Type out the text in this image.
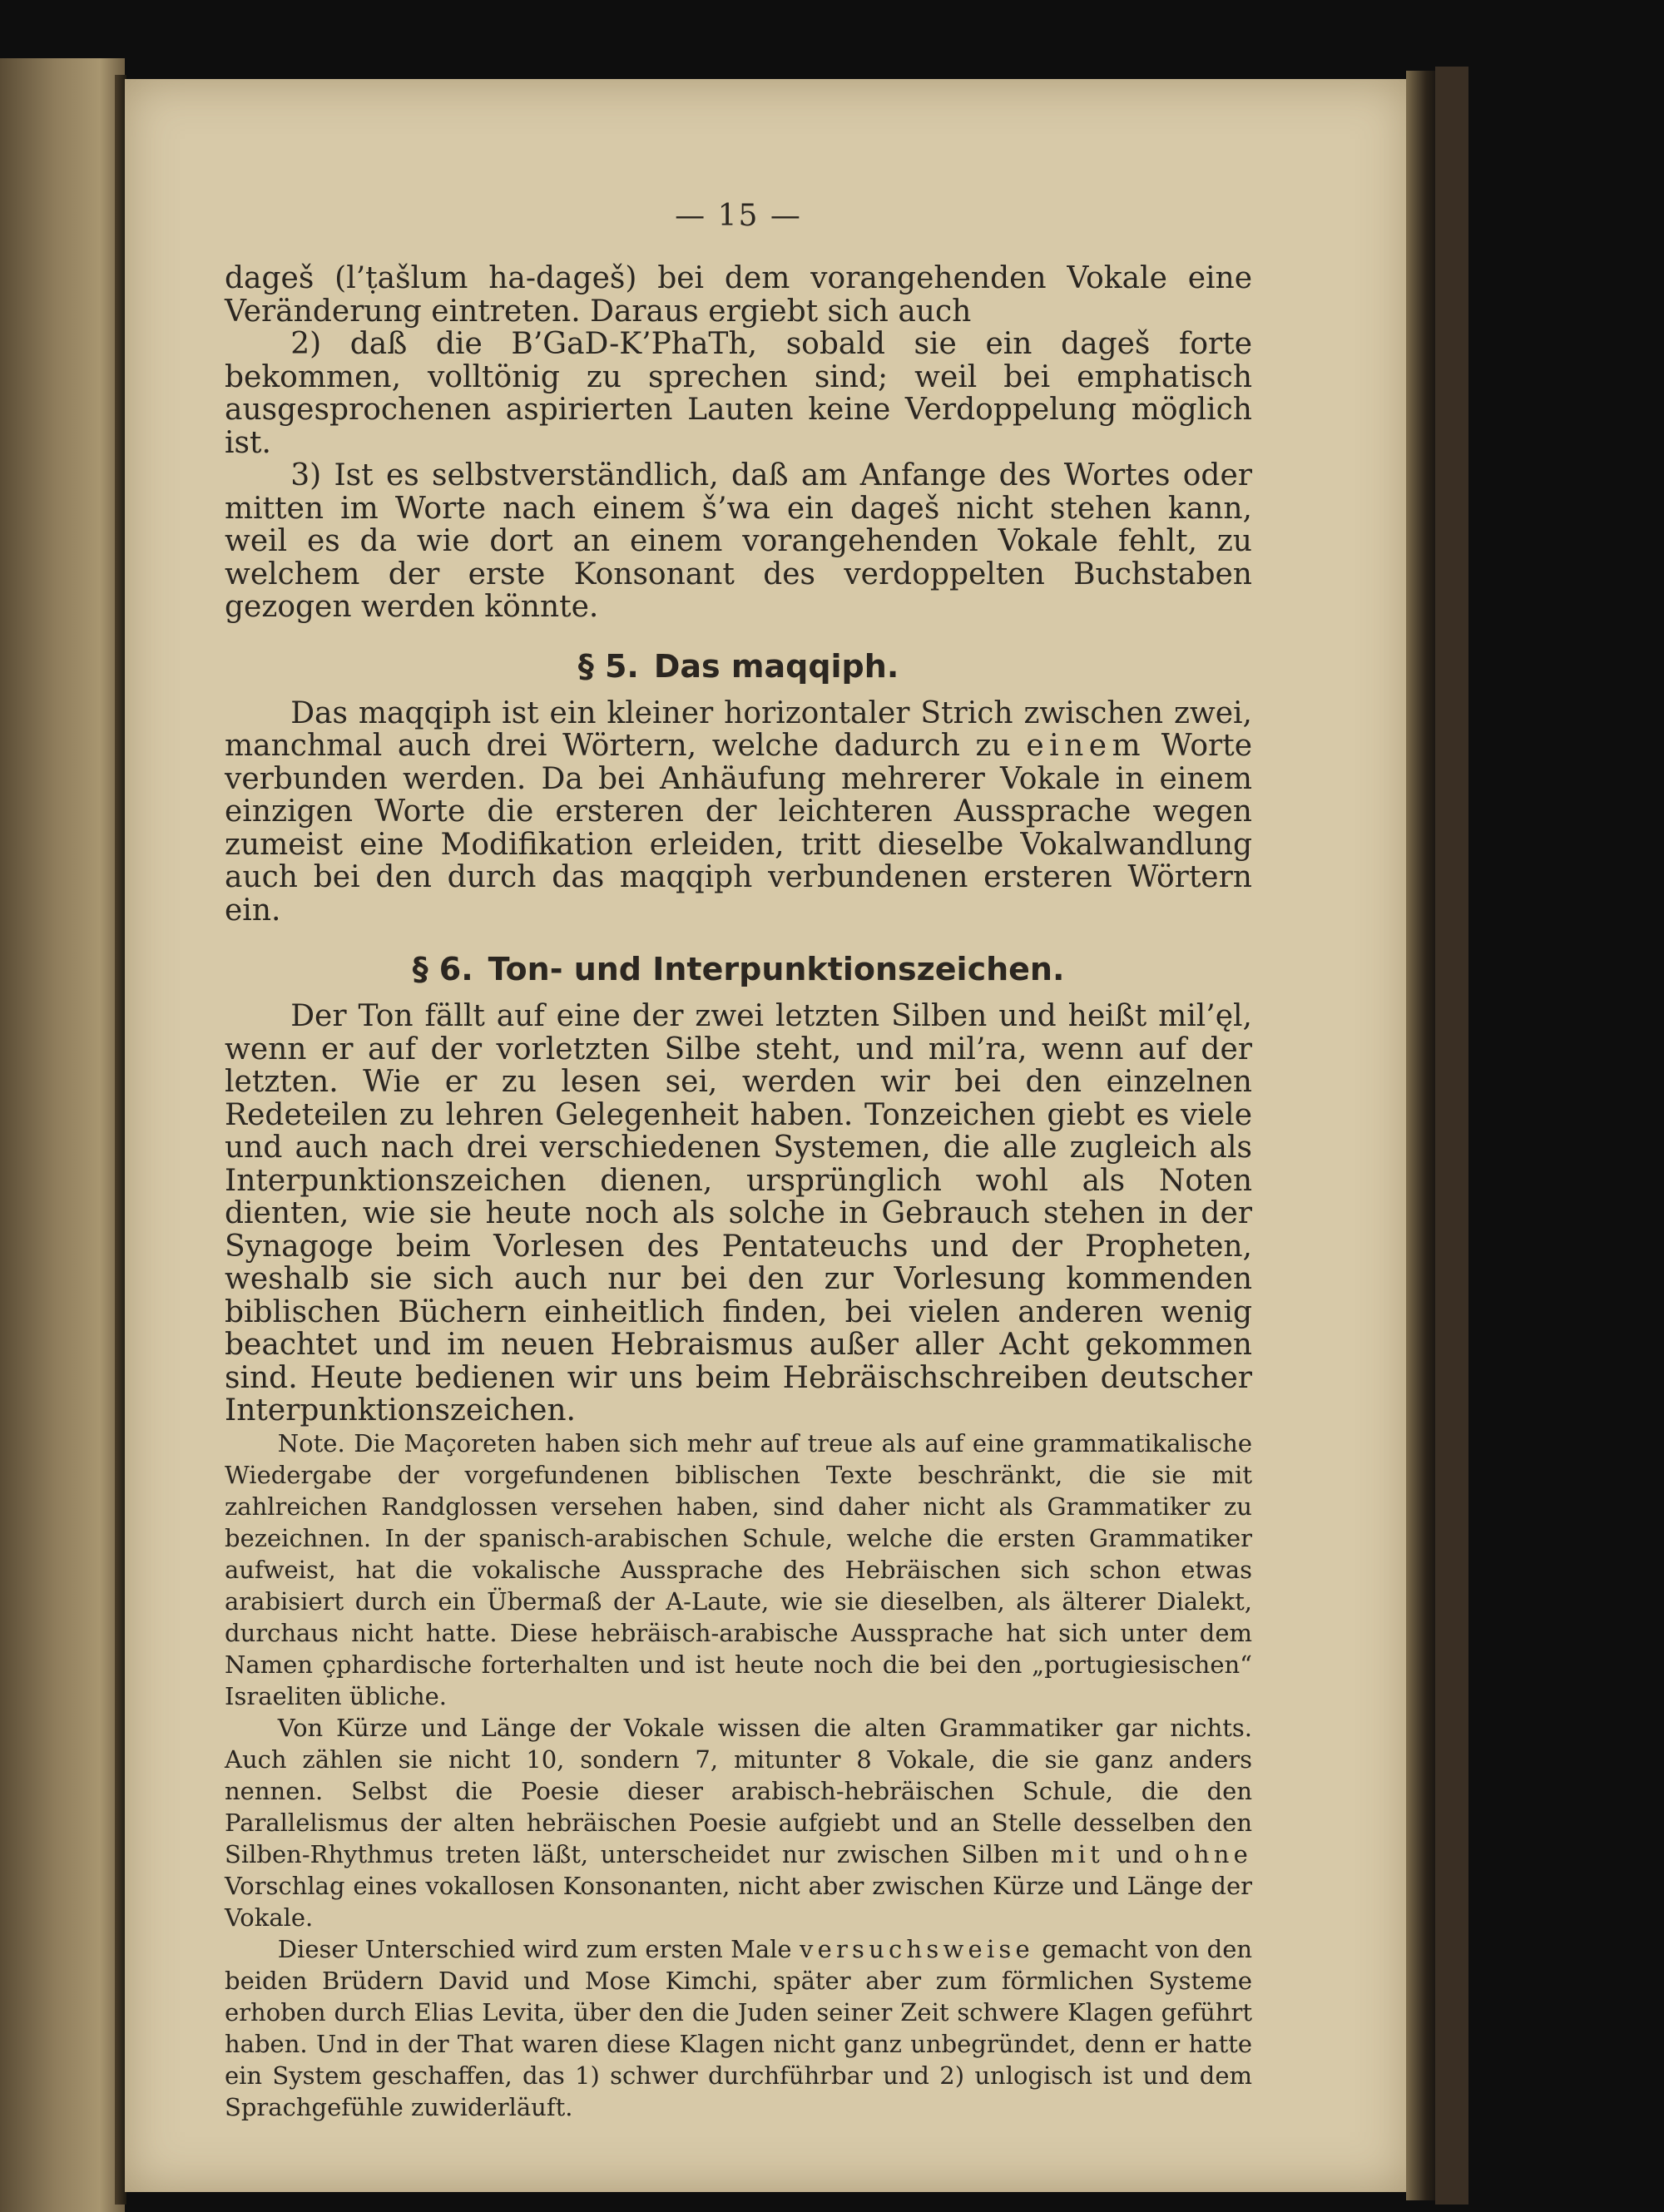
— 15 —

dageš (l’ṭašlum ha-dageš) bei dem vorangehenden Vokale eine Veränderung eintreten. Daraus ergiebt sich auch

2) daß die B’GaD-K’PhaTh, sobald sie ein dageš forte bekommen, volltönig zu sprechen sind; weil bei emphatisch ausgesprochenen aspirierten Lauten keine Verdoppelung möglich ist.

3) Ist es selbstverständlich, daß am Anfange des Wortes oder mitten im Worte nach einem š’wa ein dageš nicht stehen kann, weil es da wie dort an einem vorangehenden Vokale fehlt, zu welchem der erste Konsonant des verdoppelten Buchstaben gezogen werden könnte.

§ 5. Das maqqiph.

Das maqqiph ist ein kleiner horizontaler Strich zwischen zwei, manchmal auch drei Wörtern, welche dadurch zu einem Worte verbunden werden. Da bei Anhäufung mehrerer Vokale in einem einzigen Worte die ersteren der leichteren Aussprache wegen zumeist eine Modifikation erleiden, tritt dieselbe Vokalwandlung auch bei den durch das maqqiph verbundenen ersteren Wörtern ein.

§ 6. Ton- und Interpunktionszeichen.

Der Ton fällt auf eine der zwei letzten Silben und heißt mil’ęl, wenn er auf der vorletzten Silbe steht, und mil’ra, wenn auf der letzten. Wie er zu lesen sei, werden wir bei den einzelnen Redeteilen zu lehren Gelegenheit haben. Tonzeichen giebt es viele und auch nach drei verschiedenen Systemen, die alle zugleich als Interpunktionszeichen dienen, ursprünglich wohl als Noten dienten, wie sie heute noch als solche in Gebrauch stehen in der Synagoge beim Vorlesen des Pentateuchs und der Propheten, weshalb sie sich auch nur bei den zur Vorlesung kommenden biblischen Büchern einheitlich finden, bei vielen anderen wenig beachtet und im neuen Hebraismus außer aller Acht gekommen sind. Heute bedienen wir uns beim Hebräischschreiben deutscher Interpunktionszeichen.

Note. Die Maçoreten haben sich mehr auf treue als auf eine grammatikalische Wiedergabe der vorgefundenen biblischen Texte beschränkt, die sie mit zahlreichen Randglossen versehen haben, sind daher nicht als Grammatiker zu bezeichnen. In der spanisch-arabischen Schule, welche die ersten Grammatiker aufweist, hat die vokalische Aussprache des Hebräischen sich schon etwas arabisiert durch ein Übermaß der A-Laute, wie sie dieselben, als älterer Dialekt, durchaus nicht hatte. Diese hebräisch-arabische Aussprache hat sich unter dem Namen çphardische forterhalten und ist heute noch die bei den „portugiesischen“ Israeliten übliche.

Von Kürze und Länge der Vokale wissen die alten Grammatiker gar nichts. Auch zählen sie nicht 10, sondern 7, mitunter 8 Vokale, die sie ganz anders nennen. Selbst die Poesie dieser arabisch-hebräischen Schule, die den Parallelismus der alten hebräischen Poesie aufgiebt und an Stelle desselben den Silben-Rhythmus treten läßt, unterscheidet nur zwischen Silben mit und ohne Vorschlag eines vokallosen Konsonanten, nicht aber zwischen Kürze und Länge der Vokale.

Dieser Unterschied wird zum ersten Male versuchsweise gemacht von den beiden Brüdern David und Mose Kimchi, später aber zum förmlichen Systeme erhoben durch Elias Levita, über den die Juden seiner Zeit schwere Klagen geführt haben. Und in der That waren diese Klagen nicht ganz unbegründet, denn er hatte ein System geschaffen, das 1) schwer durchführbar und 2) unlogisch ist und dem Sprachgefühle zuwiderläuft.
